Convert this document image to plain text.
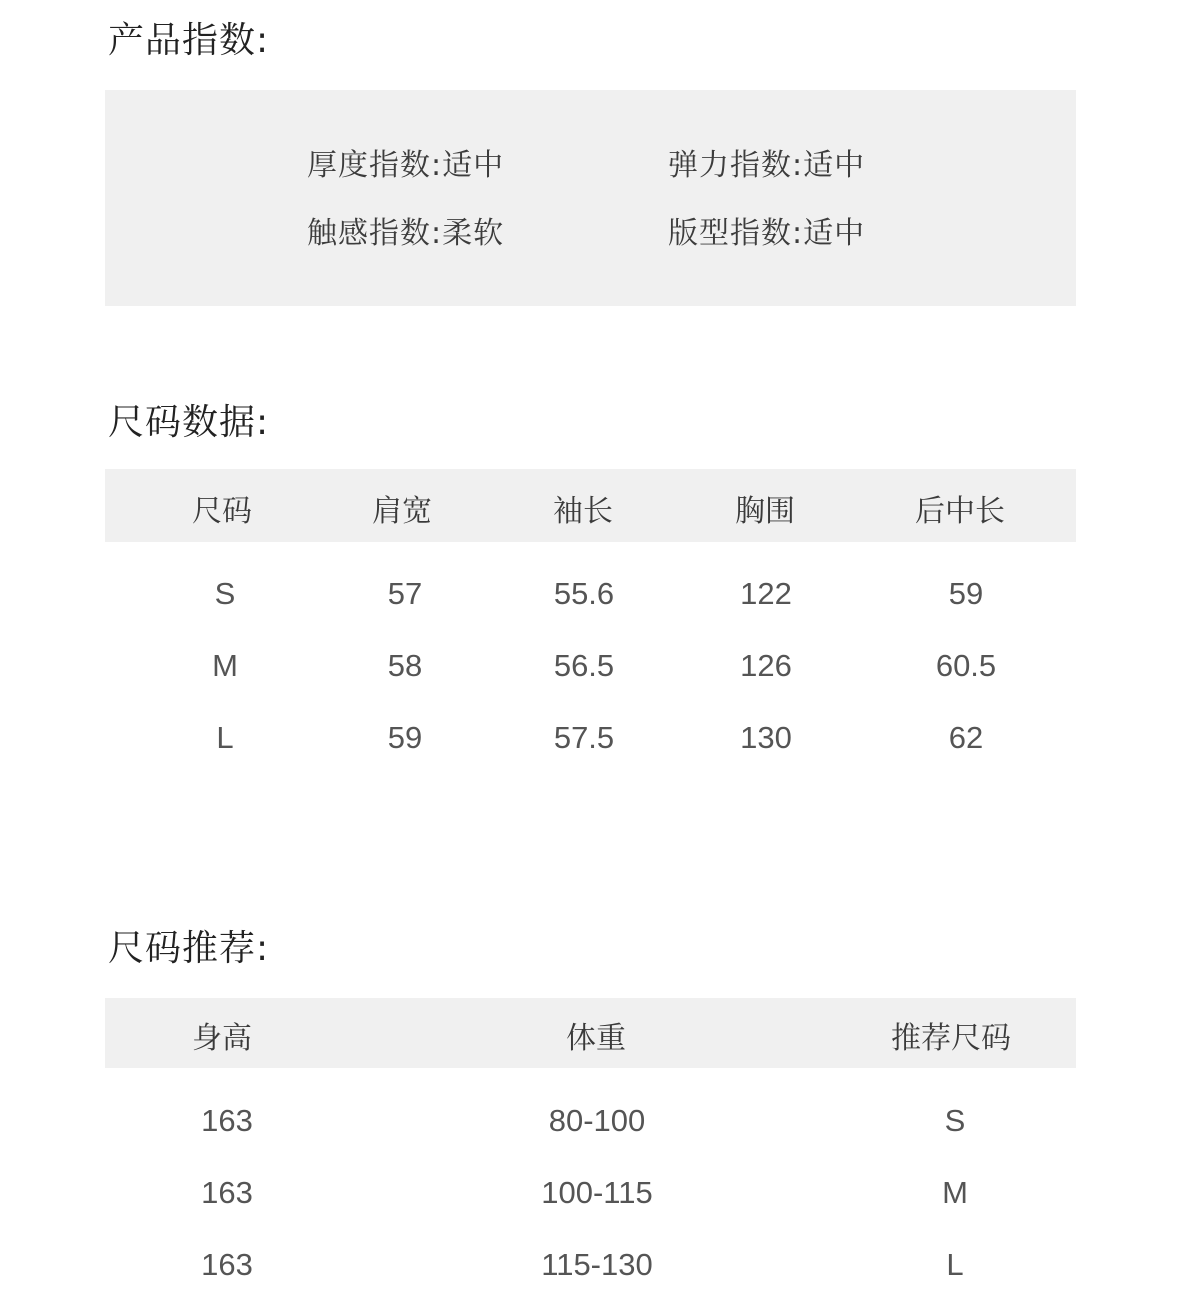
产品指数:
厚度指数:适中	弹力指数:适中
触感指数:柔软	版型指数:适中
尺码数据:
尺码	肩宽	袖长	胸围	后中长
S	57	55.6	122	59
M	58	56.5	126	60.5
L	59	57.5	130	62
尺码推荐:
身高	体重	推荐尺码
163	80-100	S
163	100-115	M
163	115-130	L
